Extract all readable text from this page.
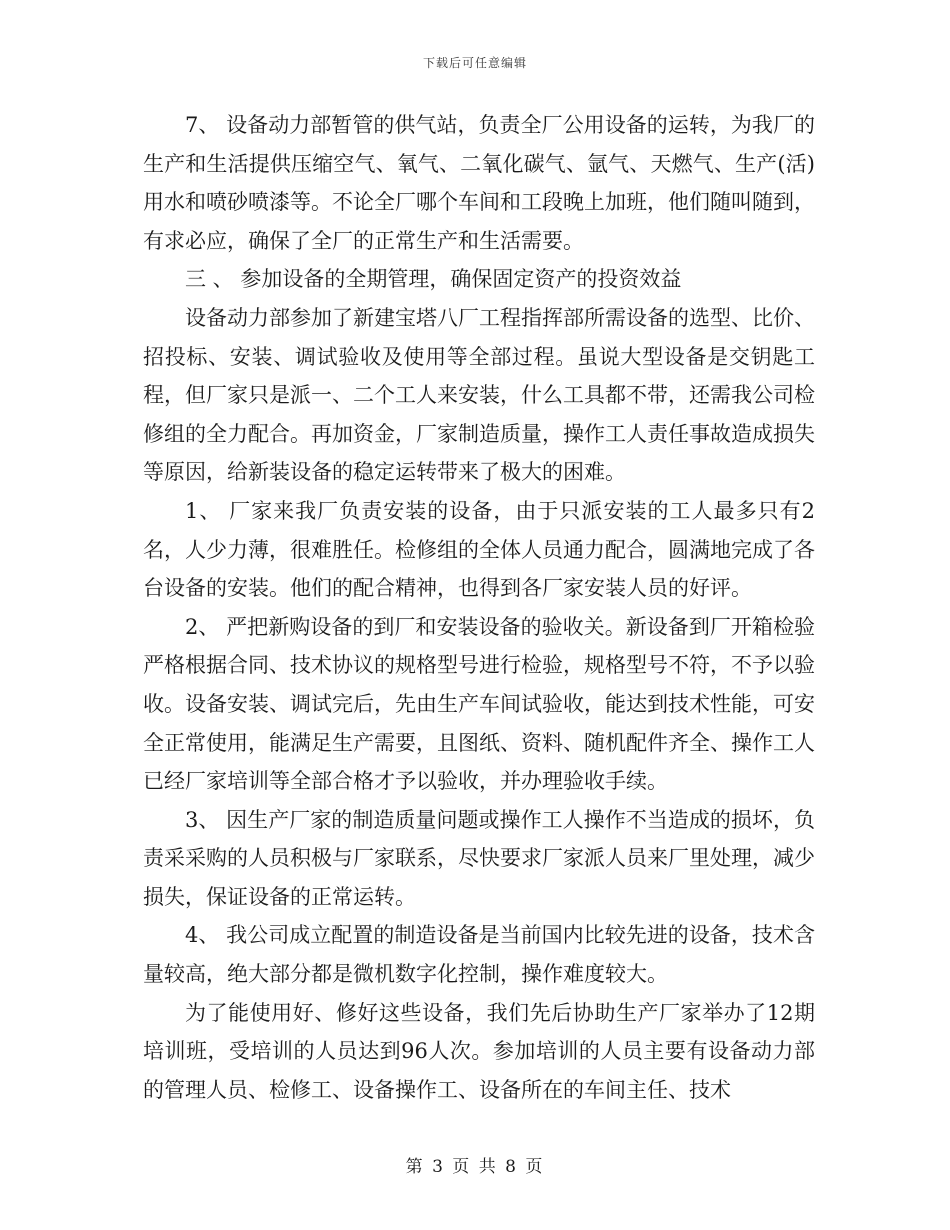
下载后可任意编辑

7、 设备动力部暂管的供气站，负责全厂公用设备的运转，为我厂的生产和生活提供压缩空气、氧气、二氧化碳气、氩气、天燃气、生产(活)用水和喷砂喷漆等。不论全厂哪个车间和工段晚上加班，他们随叫随到，有求必应，确保了全厂的正常生产和生活需要。

三 、 参加设备的全期管理，确保固定资产的投资效益

设备动力部参加了新建宝塔八厂工程指挥部所需设备的选型、比价、招投标、安装、调试验收及使用等全部过程。虽说大型设备是交钥匙工程，但厂家只是派一、二个工人来安装，什么工具都不带，还需我公司检修组的全力配合。再加资金，厂家制造质量，操作工人责任事故造成损失等原因，给新装设备的稳定运转带来了极大的困难。

1、 厂家来我厂负责安装的设备，由于只派安装的工人最多只有2名，人少力薄，很难胜任。检修组的全体人员通力配合，圆满地完成了各台设备的安装。他们的配合精神，也得到各厂家安装人员的好评。

2、 严把新购设备的到厂和安装设备的验收关。新设备到厂开箱检验严格根据合同、技术协议的规格型号进行检验，规格型号不符，不予以验收。设备安装、调试完后，先由生产车间试验收，能达到技术性能，可安全正常使用，能满足生产需要，且图纸、资料、随机配件齐全、操作工人已经厂家培训等全部合格才予以验收，并办理验收手续。

3、 因生产厂家的制造质量问题或操作工人操作不当造成的损坏，负责采采购的人员积极与厂家联系，尽快要求厂家派人员来厂里处理，减少损失，保证设备的正常运转。

4、 我公司成立配置的制造设备是当前国内比较先进的设备，技术含量较高，绝大部分都是微机数字化控制，操作难度较大。

为了能使用好、修好这些设备，我们先后协助生产厂家举办了12期培训班，受培训的人员达到96人次。参加培训的人员主要有设备动力部的管理人员、检修工、设备操作工、设备所在的车间主任、技术

第 3 页 共 8 页
